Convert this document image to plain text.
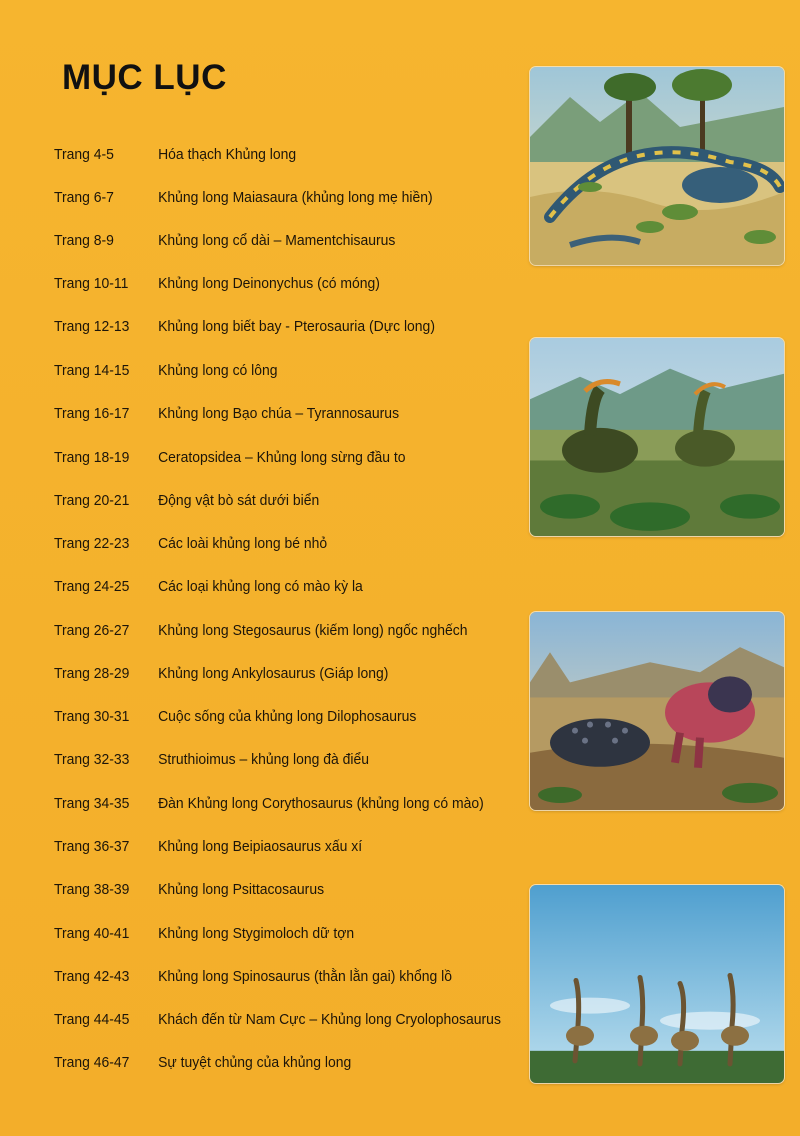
MỤC LỤC
Trang 4-5	Hóa thạch Khủng long
Trang 6-7	Khủng long Maiasaura (khủng long mẹ hiền)
Trang 8-9	Khủng long cổ dài – Mamentchisaurus
Trang 10-11 Khủng long Deinonychus (có móng)
Trang 12-13 Khủng long biết bay - Pterosauria (Dực long)
Trang 14-15 Khủng long có lông
Trang 16-17 Khủng long Bạo chúa – Tyrannosaurus
Trang 18-19 Ceratopsidea – Khủng long sừng đầu to
Trang 20-21 Động vật bò sát dưới biển
Trang 22-23 Các loài khủng long bé nhỏ
Trang 24-25 Các loại khủng long có mào kỳ la
Trang 26-27 Khủng long Stegosaurus (kiếm long) ngốc nghếch
Trang 28-29 Khủng long Ankylosaurus (Giáp long)
Trang 30-31 Cuộc sống của khủng long Dilophosaurus
Trang 32-33 Struthioimus – khủng long đà điểu
Trang 34-35 Đàn Khủng long Corythosaurus (khủng long có mào)
Trang 36-37 Khủng long Beipiaosaurus xấu xí
Trang 38-39 Khủng long Psittacosaurus
Trang 40-41 Khủng long Stygimoloch dữ tợn
Trang 42-43 Khủng long Spinosaurus (thằn lằn gai) khổng lồ
Trang 44-45 Khách đến từ Nam Cực – Khủng long Cryolophosaurus
Trang 46-47 Sự tuyệt chủng của khủng long
